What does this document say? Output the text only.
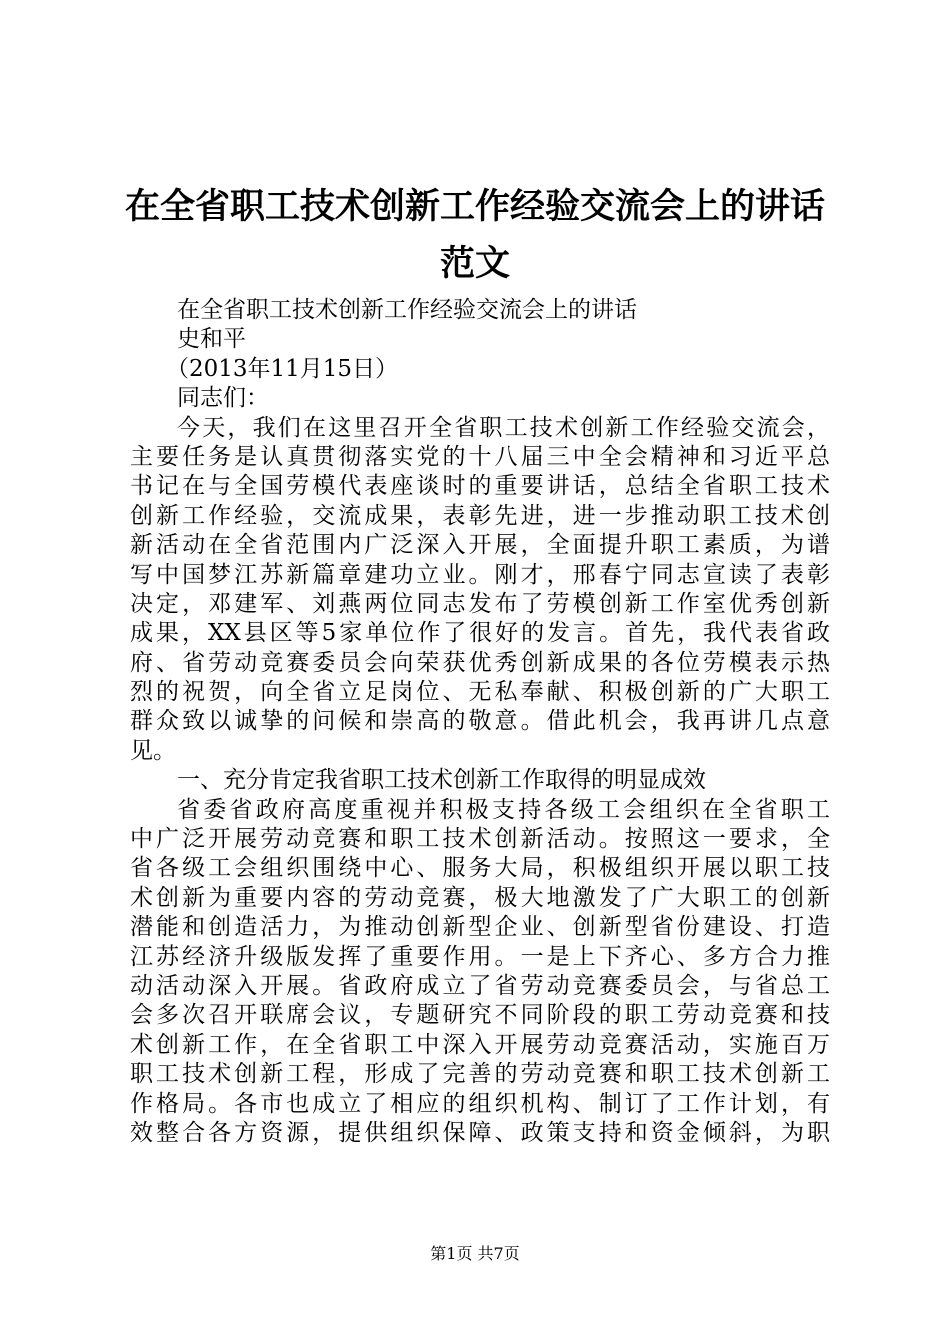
在全省职工技术创新工作经验交流会上的讲话
范文
在全省职工技术创新工作经验交流会上的讲话
史和平
（2013年11月15日）
同志们：
今天，我们在这里召开全省职工技术创新工作经验交流会，
主要任务是认真贯彻落实党的十八届三中全会精神和习近平总
书记在与全国劳模代表座谈时的重要讲话，总结全省职工技术
创新工作经验，交流成果，表彰先进，进一步推动职工技术创
新活动在全省范围内广泛深入开展，全面提升职工素质，为谱
写中国梦江苏新篇章建功立业。刚才，邢春宁同志宣读了表彰
决定，邓建军、刘燕两位同志发布了劳模创新工作室优秀创新
成果，XX县区等5家单位作了很好的发言。首先，我代表省政
府、省劳动竞赛委员会向荣获优秀创新成果的各位劳模表示热
烈的祝贺，向全省立足岗位、无私奉献、积极创新的广大职工
群众致以诚挚的问候和崇高的敬意。借此机会，我再讲几点意
见。
一、充分肯定我省职工技术创新工作取得的明显成效
省委省政府高度重视并积极支持各级工会组织在全省职工
中广泛开展劳动竞赛和职工技术创新活动。按照这一要求，全
省各级工会组织围绕中心、服务大局，积极组织开展以职工技
术创新为重要内容的劳动竞赛，极大地激发了广大职工的创新
潜能和创造活力，为推动创新型企业、创新型省份建设、打造
江苏经济升级版发挥了重要作用。一是上下齐心、多方合力推
动活动深入开展。省政府成立了省劳动竞赛委员会，与省总工
会多次召开联席会议，专题研究不同阶段的职工劳动竞赛和技
术创新工作，在全省职工中深入开展劳动竞赛活动，实施百万
职工技术创新工程，形成了完善的劳动竞赛和职工技术创新工
作格局。各市也成立了相应的组织机构、制订了工作计划，有
效整合各方资源，提供组织保障、政策支持和资金倾斜，为职
第1页 共7页
